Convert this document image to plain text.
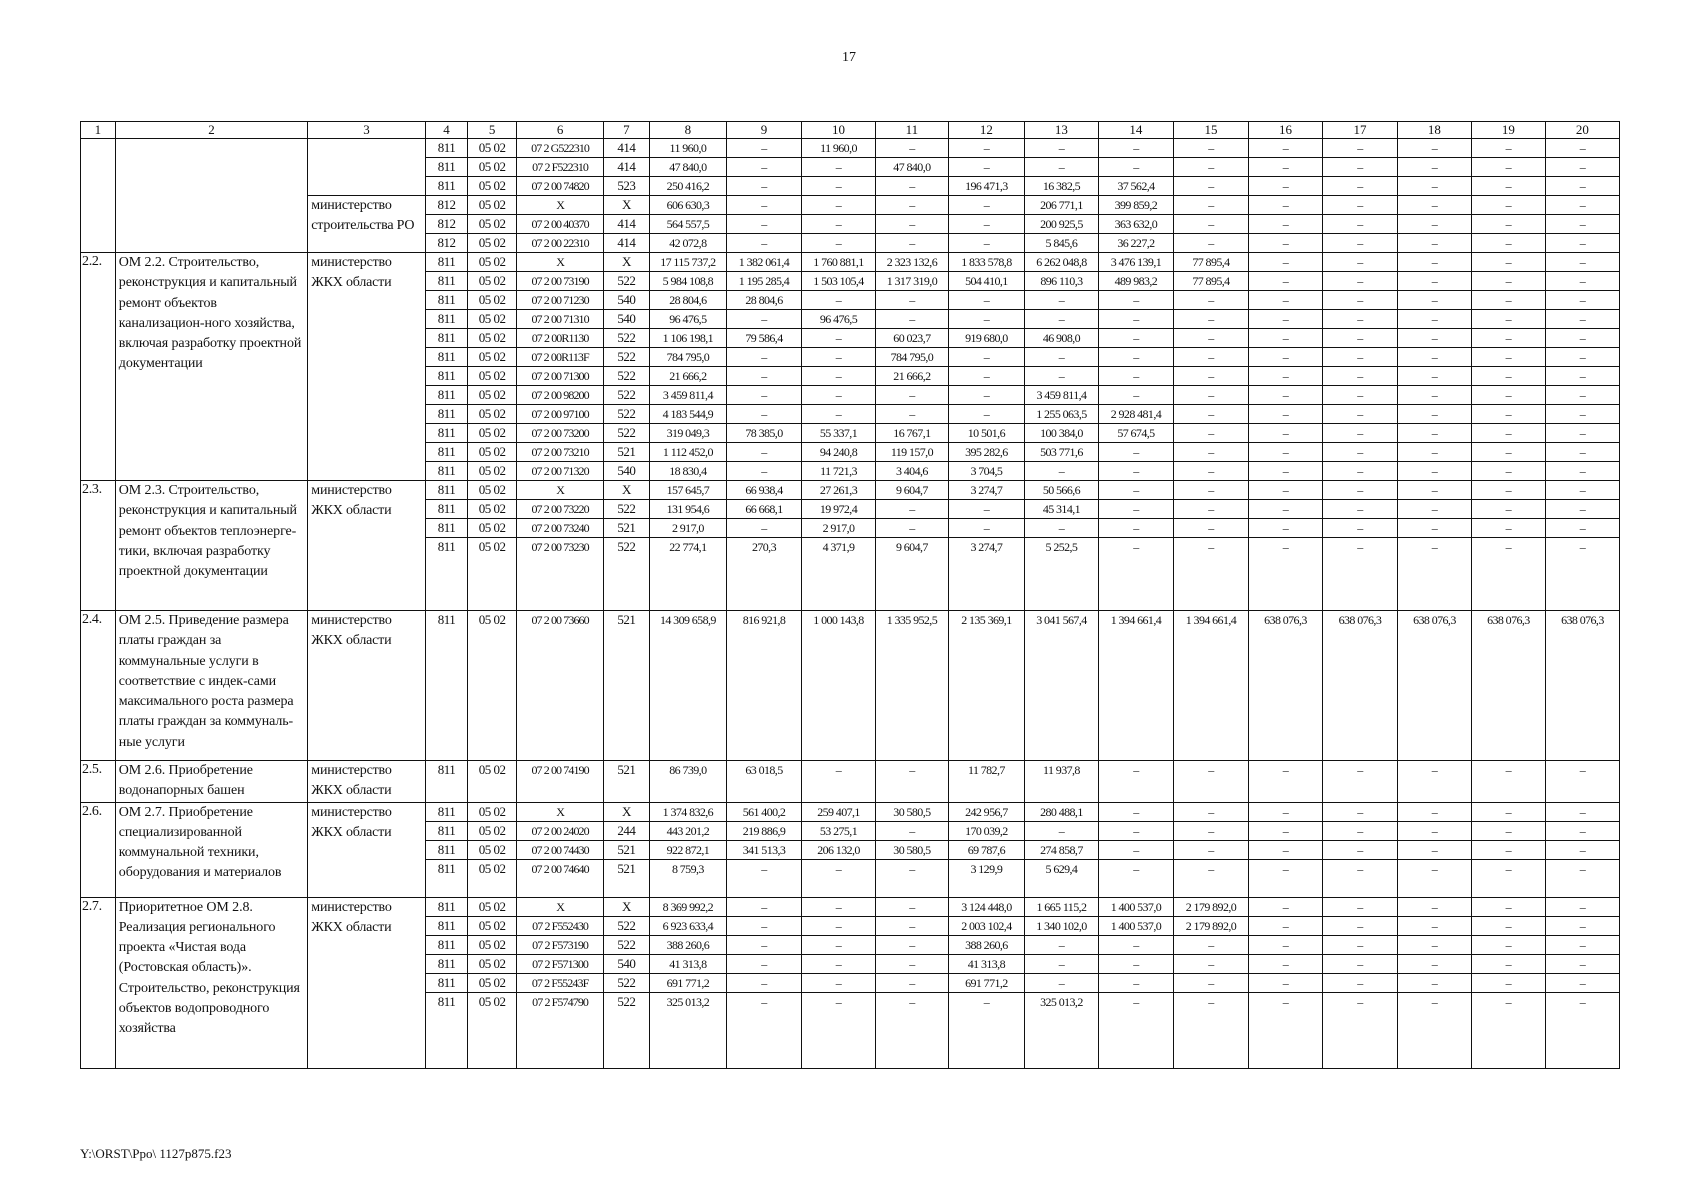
17
1	2	3	4	5	6	7	8	9	10	11	12	13	14	15	16	17	18	19	20
			811	05 02	07 2 G522310	414	11 960,0	–	11 960,0	–	–	–	–	–	–	–	–	–	–
			811	05 02	07 2 F522310	414	47 840,0	–	–	47 840,0	–	–	–	–	–	–	–	–	–
			811	05 02	07 2 00 74820	523	250 416,2	–	–	–	196 471,3	16 382,5	37 562,4	–	–	–	–	–	–
		министерство строительства РО	812	05 02	X	X	606 630,3	–	–	–	–	206 771,1	399 859,2	–	–	–	–	–	–
			812	05 02	07 2 00 40370	414	564 557,5	–	–	–	–	200 925,5	363 632,0	–	–	–	–	–	–
			812	05 02	07 2 00 22310	414	42 072,8	–	–	–	–	5 845,6	36 227,2	–	–	–	–	–	–
2.2.	ОМ 2.2. Строительство, реконструкция и капитальный ремонт объектов канализацион-ного хозяйства, включая разработку проектной документации	министерство ЖКХ области	811	05 02	X	X	17 115 737,2	1 382 061,4	1 760 881,1	2 323 132,6	1 833 578,8	6 262 048,8	3 476 139,1	77 895,4	–	–	–	–	–
			811	05 02	07 2 00 73190	522	5 984 108,8	1 195 285,4	1 503 105,4	1 317 319,0	504 410,1	896 110,3	489 983,2	77 895,4	–	–	–	–	–
			811	05 02	07 2 00 71230	540	28 804,6	28 804,6	–	–	–	–	–	–	–	–	–	–	–
			811	05 02	07 2 00 71310	540	96 476,5	–	96 476,5	–	–	–	–	–	–	–	–	–	–
			811	05 02	07 2 00R1130	522	1 106 198,1	79 586,4	–	60 023,7	919 680,0	46 908,0	–	–	–	–	–	–	–
			811	05 02	07 2 00R113F	522	784 795,0	–	–	784 795,0	–	–	–	–	–	–	–	–	–
			811	05 02	07 2 00 71300	522	21 666,2	–	–	21 666,2	–	–	–	–	–	–	–	–	–
			811	05 02	07 2 00 98200	522	3 459 811,4	–	–	–	–	3 459 811,4	–	–	–	–	–	–	–
			811	05 02	07 2 00 97100	522	4 183 544,9	–	–	–	–	1 255 063,5	2 928 481,4	–	–	–	–	–	–
			811	05 02	07 2 00 73200	522	319 049,3	78 385,0	55 337,1	16 767,1	10 501,6	100 384,0	57 674,5	–	–	–	–	–	–
			811	05 02	07 2 00 73210	521	1 112 452,0	–	94 240,8	119 157,0	395 282,6	503 771,6	–	–	–	–	–	–	–
			811	05 02	07 2 00 71320	540	18 830,4	–	11 721,3	3 404,6	3 704,5	–	–	–	–	–	–	–	–
2.3.	ОМ 2.3. Строительство, реконструкция и капитальный ремонт объектов теплоэнерге-тики, включая разработку проектной документации	министерство ЖКХ области	811	05 02	X	X	157 645,7	66 938,4	27 261,3	9 604,7	3 274,7	50 566,6	–	–	–	–	–	–	–
			811	05 02	07 2 00 73220	522	131 954,6	66 668,1	19 972,4	–	–	45 314,1	–	–	–	–	–	–	–
			811	05 02	07 2 00 73240	521	2 917,0	–	2 917,0	–	–	–	–	–	–	–	–	–	–
			811	05 02	07 2 00 73230	522	22 774,1	270,3	4 371,9	9 604,7	3 274,7	5 252,5	–	–	–	–	–	–	–
2.4.	ОМ 2.5. Приведение размера платы граждан за коммунальные услуги в соответствие с индек-сами максимального роста размера платы граждан за коммуналь-ные услуги	министерство ЖКХ области	811	05 02	07 2 00 73660	521	14 309 658,9	816 921,8	1 000 143,8	1 335 952,5	2 135 369,1	3 041 567,4	1 394 661,4	1 394 661,4	638 076,3	638 076,3	638 076,3	638 076,3	638 076,3
2.5.	ОМ 2.6. Приобретение водонапорных башен	министерство ЖКХ области	811	05 02	07 2 00 74190	521	86 739,0	63 018,5	–	–	11 782,7	11 937,8	–	–	–	–	–	–	–
2.6.	ОМ 2.7. Приобретение специализированной коммунальной техники, оборудования и материалов	министерство ЖКХ области	811	05 02	X	X	1 374 832,6	561 400,2	259 407,1	30 580,5	242 956,7	280 488,1	–	–	–	–	–	–	–
			811	05 02	07 2 00 24020	244	443 201,2	219 886,9	53 275,1	–	170 039,2	–	–	–	–	–	–	–	–
			811	05 02	07 2 00 74430	521	922 872,1	341 513,3	206 132,0	30 580,5	69 787,6	274 858,7	–	–	–	–	–	–	–
			811	05 02	07 2 00 74640	521	8 759,3	–	–	–	3 129,9	5 629,4	–	–	–	–	–	–	–
2.7.	Приоритетное ОМ 2.8. Реализация регионального проекта «Чистая вода (Ростовская область)». Строительство, реконструкция объектов водопроводного хозяйства	министерство ЖКХ области	811	05 02	X	X	8 369 992,2	–	–	–	3 124 448,0	1 665 115,2	1 400 537,0	2 179 892,0	–	–	–	–	–
			811	05 02	07 2 F552430	522	6 923 633,4	–	–	–	2 003 102,4	1 340 102,0	1 400 537,0	2 179 892,0	–	–	–	–	–
			811	05 02	07 2 F573190	522	388 260,6	–	–	–	388 260,6	–	–	–	–	–	–	–	–
			811	05 02	07 2 F571300	540	41 313,8	–	–	–	41 313,8	–	–	–	–	–	–	–	–
			811	05 02	07 2 F55243F	522	691 771,2	–	–	–	691 771,2	–	–	–	–	–	–	–	–
			811	05 02	07 2 F574790	522	325 013,2	–	–	–	–	325 013,2	–	–	–	–	–	–	–
Y:\ORST\Ppo\ 1127p875.f23
